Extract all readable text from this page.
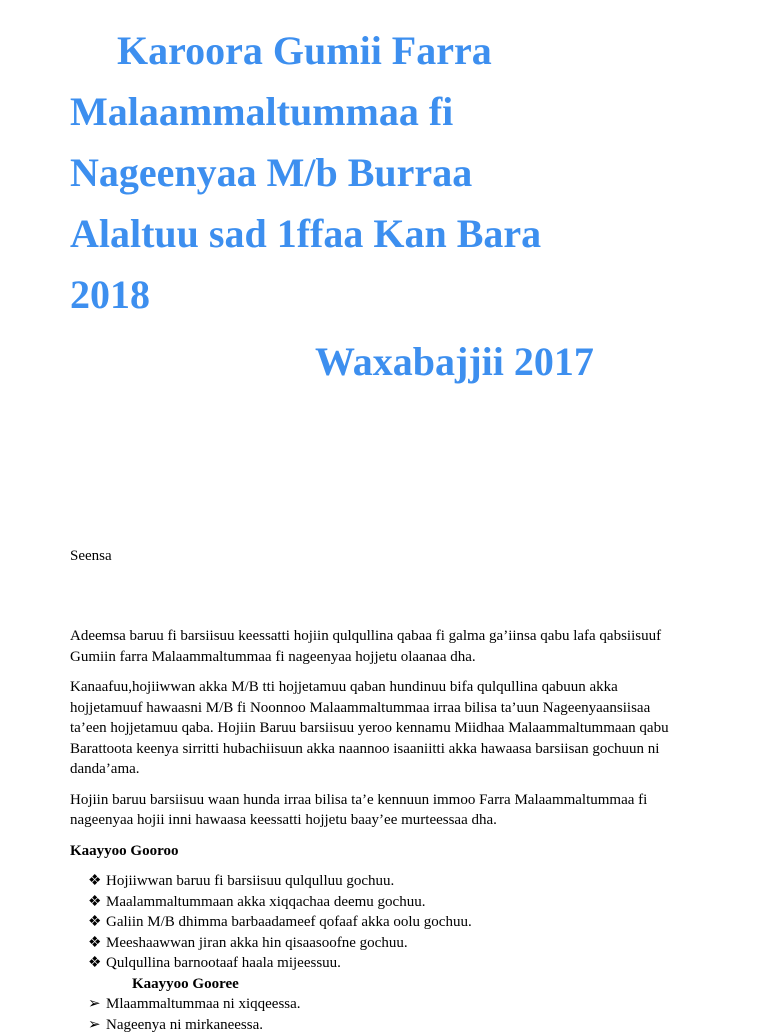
Karoora Gumii Farra
Malaammaltummaa fi
Nageenyaa M/b Burraa
Alaltuu sad 1ffaa Kan Bara
2018
Waxabajjii 2017
Seensa

Adeemsa baruu fi barsiisuu keessatti hojiin qulqullina qabaa fi galma ga’iinsa qabu lafa qabsiisuuf
Gumiin farra Malaammaltummaa fi nageenyaa hojjetu olaanaa dha.

Kanaafuu,hojiiwwan akka M/B tti hojjetamuu qaban hundinuu bifa qulqullina qabuun akka
hojjetamuuf hawaasni M/B fi Noonnoo Malaammaltummaa irraa bilisa ta’uun Nageenyaansiisaa
ta’een hojjetamuu qaba. Hojiin Baruu barsiisuu yeroo kennamu Miidhaa Malaammaltummaan qabu
Barattoota keenya sirritti hubachiisuun akka naannoo isaaniitti akka hawaasa barsiisan gochuun ni
danda’ama.

Hojiin baruu barsiisuu waan hunda irraa bilisa ta’e kennuun immoo Farra Malaammaltummaa fi
nageenyaa hojii inni hawaasa keessatti hojjetu baay’ee murteessaa dha.

Kaayyoo Gooroo
❖ Hojiiwwan baruu fi barsiisuu qulqulluu gochuu.
❖ Maalammaltummaan akka xiqqachaa deemu gochuu.
❖ Galiin M/B dhimma barbaadameef qofaaf akka oolu gochuu.
❖ Meeshaawwan jiran akka hin qisaasoofne gochuu.
❖ Qulqullina barnootaaf haala mijeessuu.
Kaayyoo Gooree
➢ Mlaammaltummaa ni xiqqeessa.
➢ Nageenya ni mirkaneessa.
